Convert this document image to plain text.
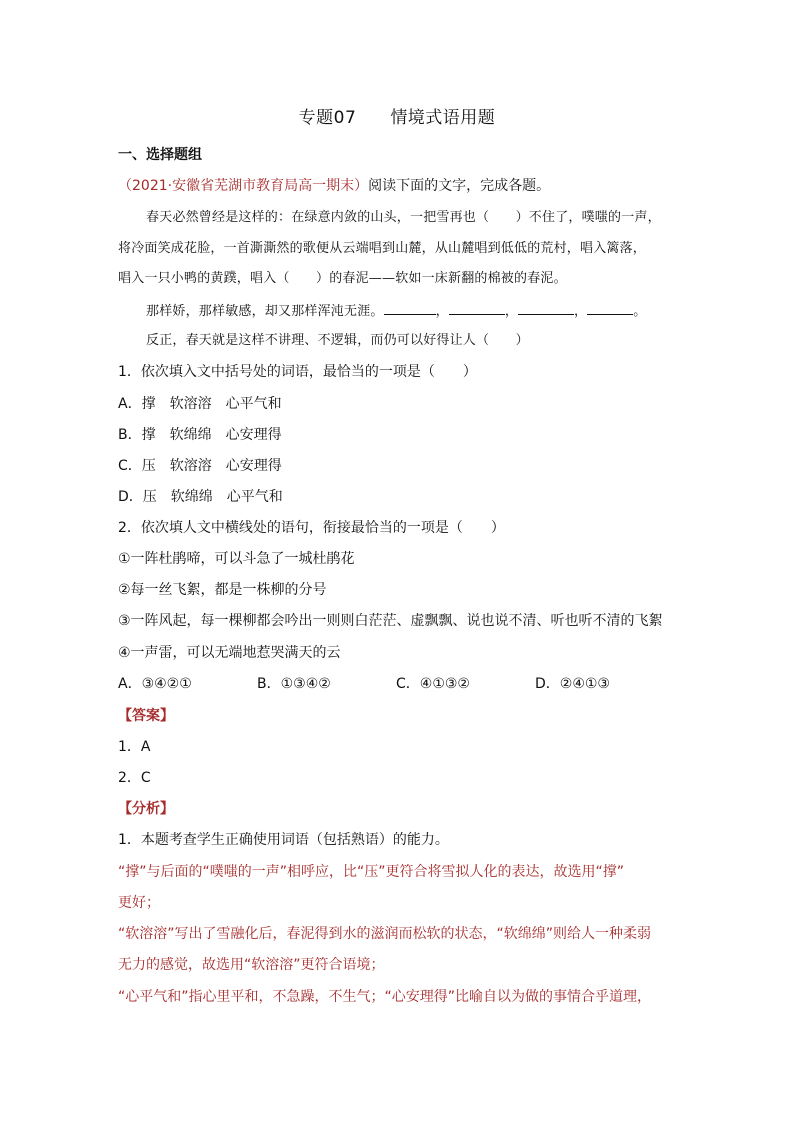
专题07 情境式语用题
一、选择题组
（2021·安徽省芜湖市教育局高一期末）阅读下面的文字，完成各题。
春天必然曾经是这样的：在绿意内敛的山头，一把雪再也（　　）不住了，噗嗤的一声，
将冷面笑成花脸，一首澌澌然的歌便从云端唱到山麓，从山麓唱到低低的荒村，唱入篱落，
唱入一只小鸭的黄蹼，唱入（　　）的春泥——软如一床新翻的棉被的春泥。
那样娇，那样敏感，却又那样浑沌无涯。	，	，	，	。
反正，春天就是这样不讲理、不逻辑，而仍可以好得让人（　　）
1．依次填入文中括号处的词语，最恰当的一项是（　　）
A．撑 软溶溶 心平气和
B．撑 软绵绵 心安理得
C．压 软溶溶 心安理得
D．压 软绵绵 心平气和
2．依次填人文中横线处的语句，衔接最恰当的一项是（　　）
①一阵杜鹃啼，可以斗急了一城杜鹃花
②每一丝飞絮，都是一株柳的分号
③一阵风起，每一棵柳都会吟出一则则白茫茫、虚飘飘、说也说不清、听也听不清的飞絮
④一声雷，可以无端地惹哭满天的云
A．③④②①	B．①③④②	C．④①③②	D．②④①③
【答案】
1．A
2．C
【分析】
1．本题考查学生正确使用词语（包括熟语）的能力。
“撑”与后面的“噗嗤的一声”相呼应，比“压”更符合将雪拟人化的表达，故选用“撑”
更好；
“软溶溶”写出了雪融化后，春泥得到水的滋润而松软的状态，“软绵绵”则给人一种柔弱
无力的感觉，故选用“软溶溶”更符合语境；
“心平气和”指心里平和，不急躁，不生气；“心安理得”比喻自以为做的事情合乎道理，
